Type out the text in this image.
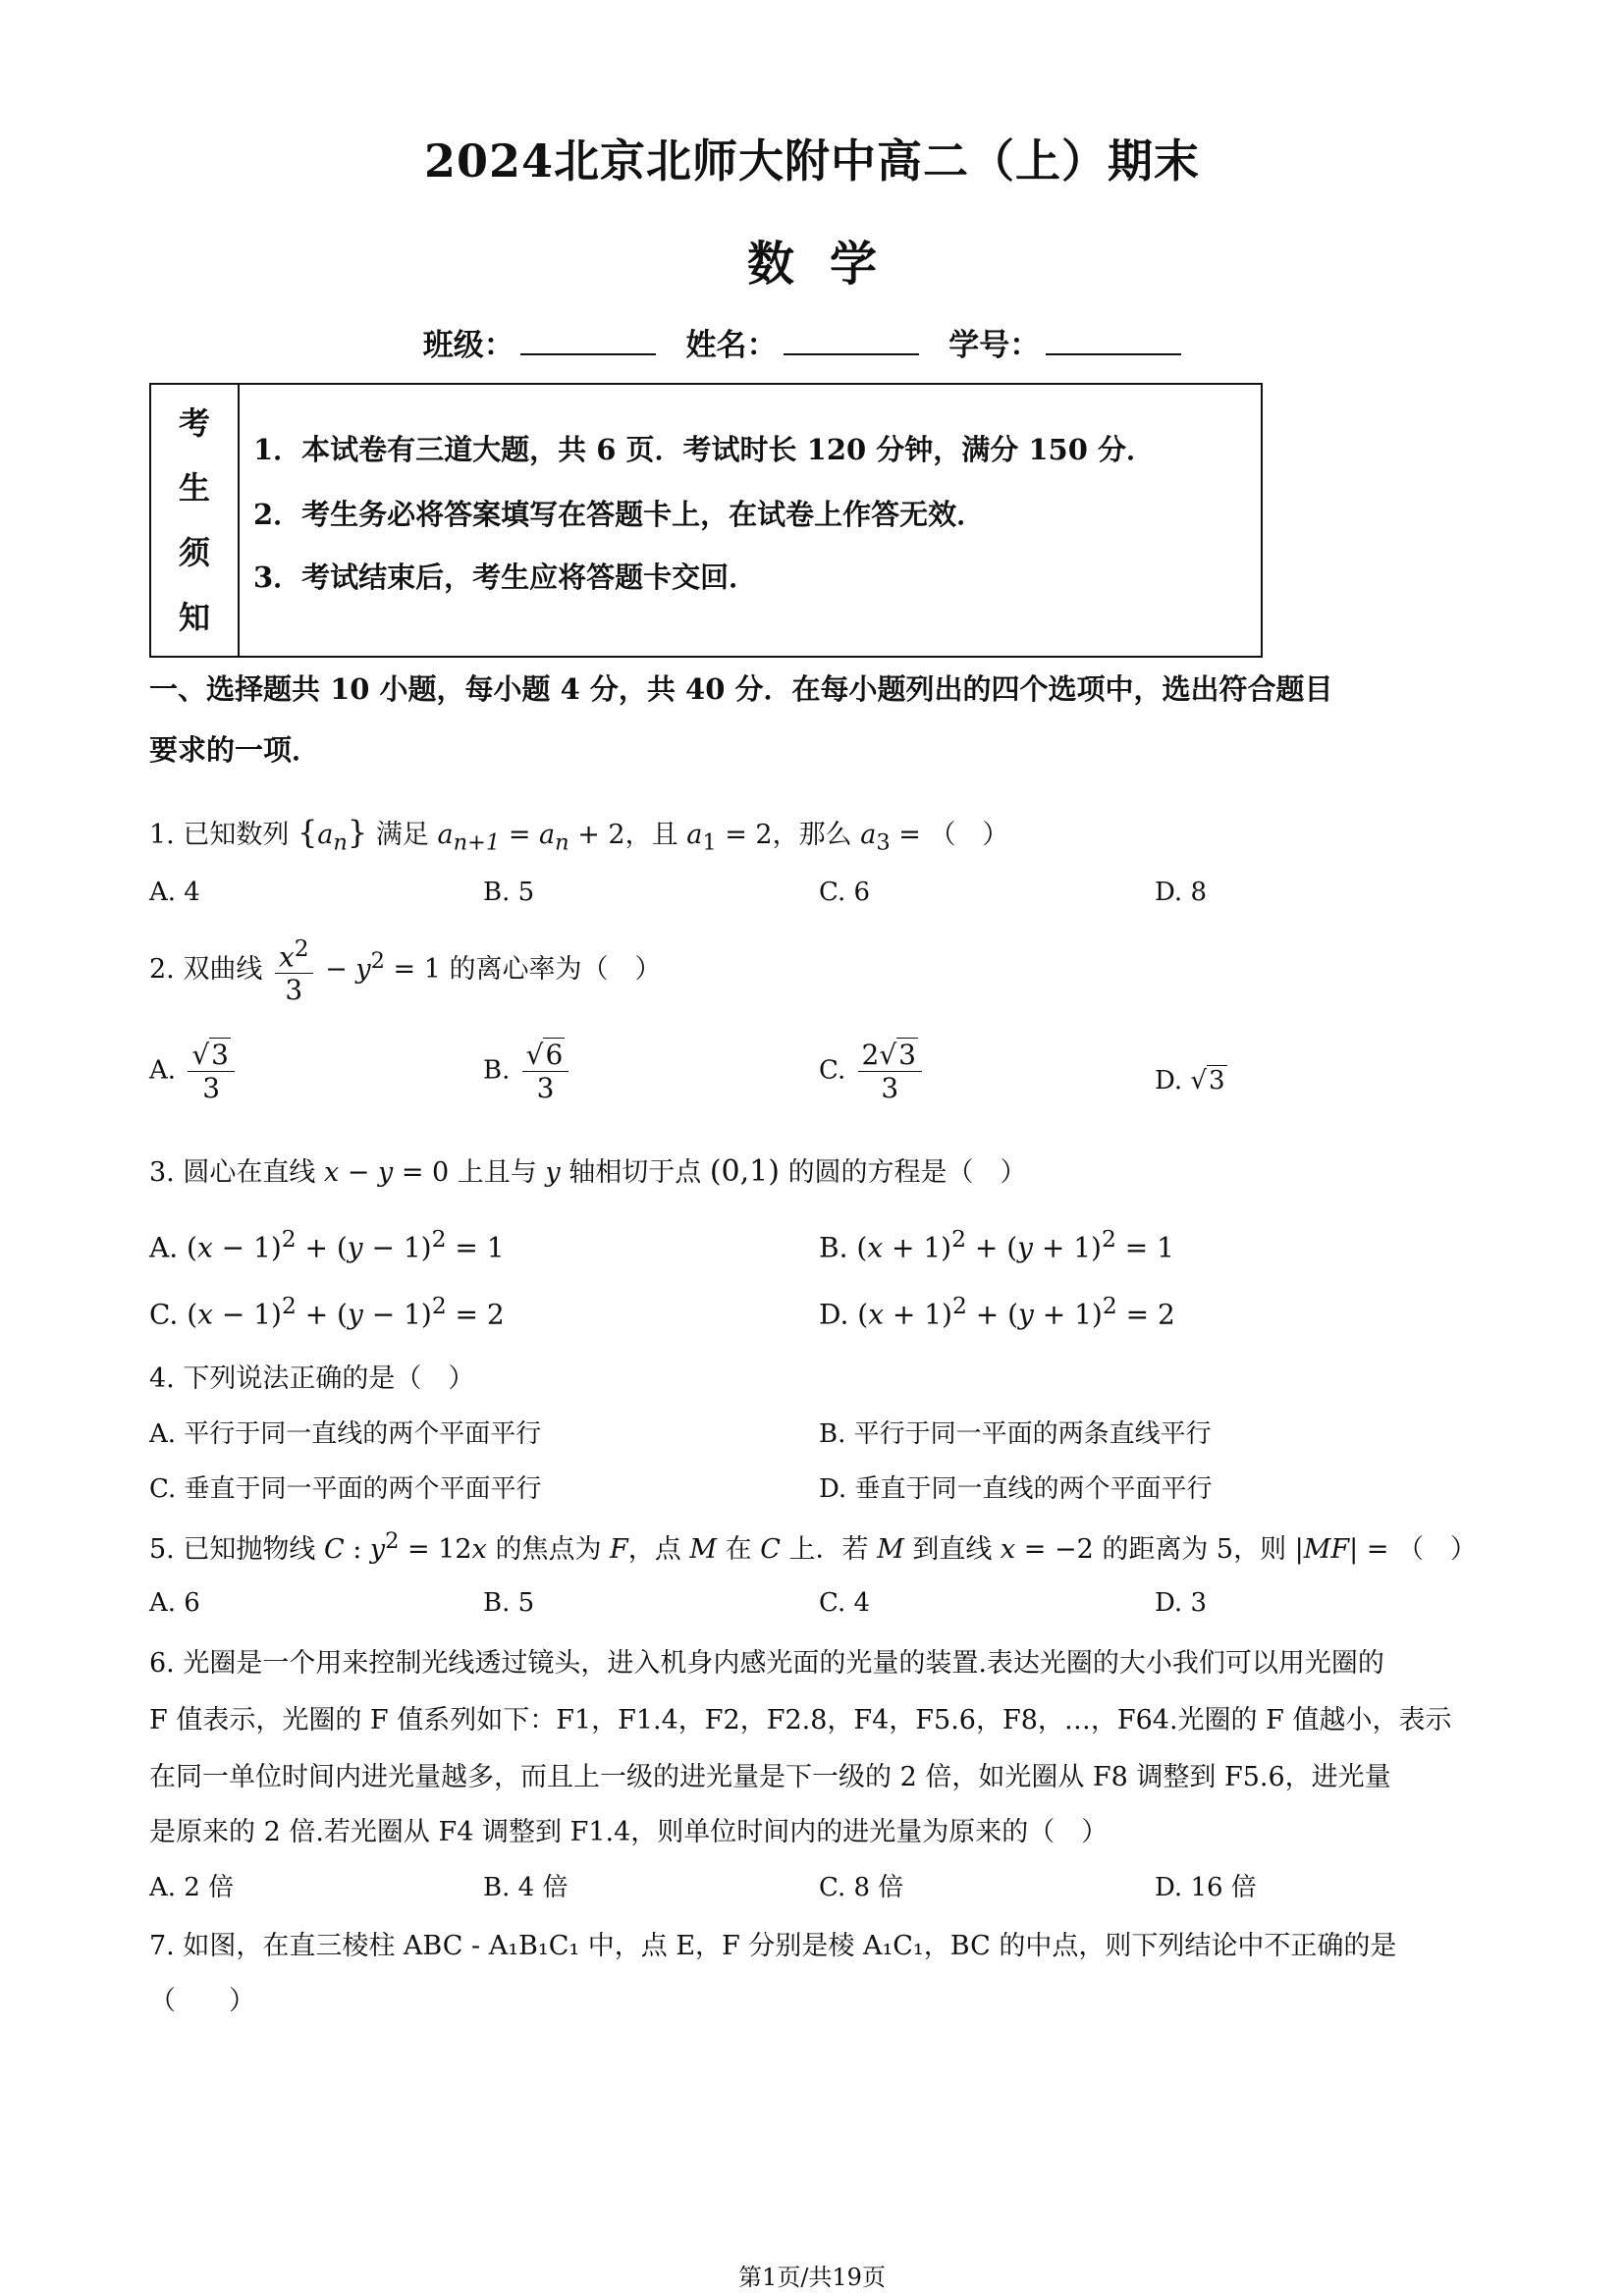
2024北京北师大附中高二（上）期末
数学
班级：	姓名：	学号：
考
生
须
知
1．本试卷有三道大题，共 6 页．考试时长 120 分钟，满分 150 分．
2．考生务必将答案填写在答题卡上，在试卷上作答无效．
3．考试结束后，考生应将答题卡交回．
一、选择题共 10 小题，每小题 4 分，共 40 分．在每小题列出的四个选项中，选出符合题目
要求的一项．
1. 已知数列 $\{a_n\}$ 满足 $a_{n+1} = a_n + 2$，且 $a_1 = 2$，那么 $a_3$ = （　）
A. 4	B. 5	C. 6	D. 8
2. 双曲线 $\frac{x^2}{3} - y^2 = 1$ 的离心率为（　）
A. $\frac{√3}{3}$	B. $\frac{√6}{3}$	C. $\frac{2√3}{3}$	D. √3
3. 圆心在直线 x − y = 0 上且与 y 轴相切于点 (0,1) 的圆的方程是（　）
A. $(x - 1)^2 + (y - 1)^2 = 1$	B. $(x + 1)^2 + (y + 1)^2 = 1$
C. $(x - 1)^2 + (y - 1)^2 = 2$	D. $(x + 1)^2 + (y + 1)^2 = 2$
4. 下列说法正确的是（　）
A. 平行于同一直线的两个平面平行	B. 平行于同一平面的两条直线平行
C. 垂直于同一平面的两个平面平行	D. 垂直于同一直线的两个平面平行
5. 已知抛物线 C : $y^2 = 12x$ 的焦点为 F，点 M 在 C 上．若 M 到直线 x = −2 的距离为 5，则 |MF| = （　）
A. 6	B. 5	C. 4	D. 3
6. 光圈是一个用来控制光线透过镜头，进入机身内感光面的光量的装置.表达光圈的大小我们可以用光圈的
F 值表示，光圈的 F 值系列如下：F1，F1.4，F2，F2.8，F4，F5.6，F8，…，F64.光圈的 F 值越小，表示
在同一单位时间内进光量越多，而且上一级的进光量是下一级的 2 倍，如光圈从 F8 调整到 F5.6，进光量
是原来的 2 倍.若光圈从 F4 调整到 F1.4，则单位时间内的进光量为原来的（　）
A. 2 倍	B. 4 倍	C. 8 倍	D. 16 倍
7. 如图，在直三棱柱 ABC - A₁B₁C₁ 中，点 E，F 分别是棱 A₁C₁，BC 的中点，则下列结论中不正确的是
（　　）
第1页/共19页
